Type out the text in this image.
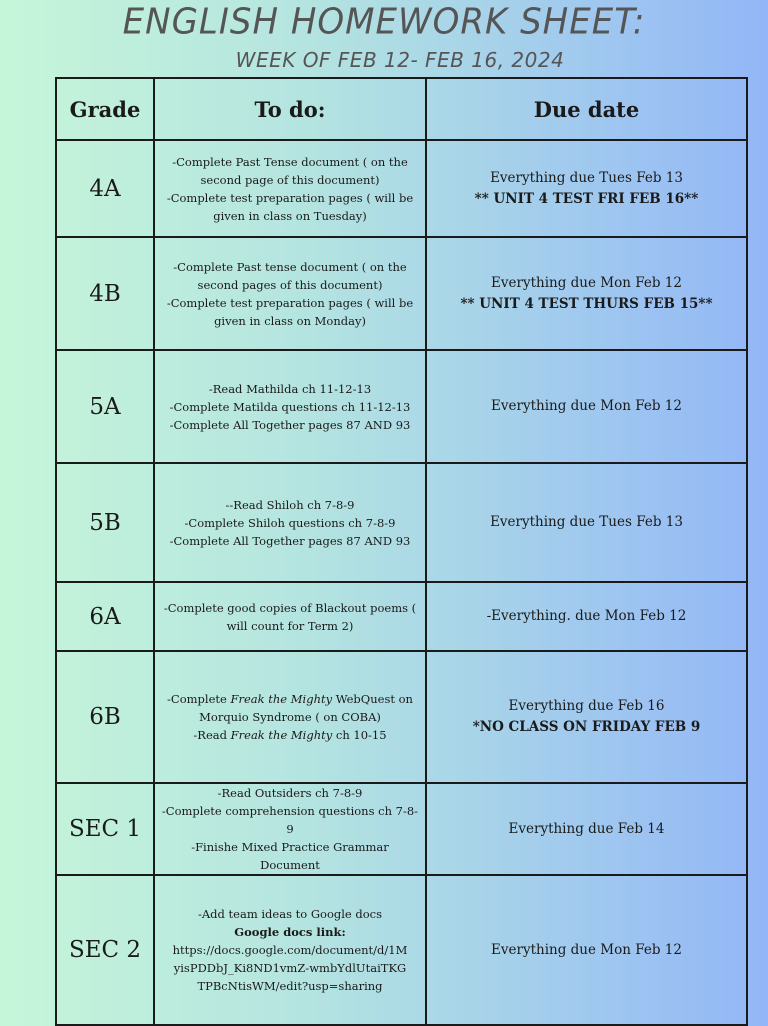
ENGLISH HOMEWORK SHEET:
WEEK OF FEB 12- FEB 16, 2024
Grade	To do:	Due date
4A	-Complete Past Tense document ( on the second page of this document)
-Complete test preparation pages ( will be given in class on Tuesday)	Everything due Tues Feb 13
** UNIT 4 TEST FRI FEB 16**

4B	-Complete Past tense document ( on the second pages of this document)
-Complete test preparation pages ( will be given in class on Monday)	Everything due Mon Feb 12
** UNIT 4 TEST THURS FEB 15**

5A	-Read Mathilda ch 11-12-13
-Complete Matilda questions ch 11-12-13
-Complete All Together pages 87 AND 93	Everything due Mon Feb 12

5B	--Read Shiloh ch 7-8-9
-Complete Shiloh questions ch 7-8-9
-Complete All Together pages 87 AND 93	Everything due Tues Feb 13

6A	-Complete good copies of Blackout poems ( will count for Term 2)	-Everything. due Mon Feb 12

6B	-Complete Freak the Mighty WebQuest on Morquio Syndrome ( on COBA)
-Read Freak the Mighty ch 10-15	Everything due Feb 16
*NO CLASS ON FRIDAY FEB 9

SEC 1	-Read Outsiders ch 7-8-9
-Complete comprehension questions ch 7-8-9
-Finishe Mixed Practice Grammar Document	Everything due Feb 14

SEC 2	-Add team ideas to Google docs
Google docs link:
https://docs.google.com/document/d/1MyisPDDbJ_Ki8ND1vmZ-wmbYdlUtaiTKGTPBcNtisWM/edit?usp=sharing	Everything due Mon Feb 12
